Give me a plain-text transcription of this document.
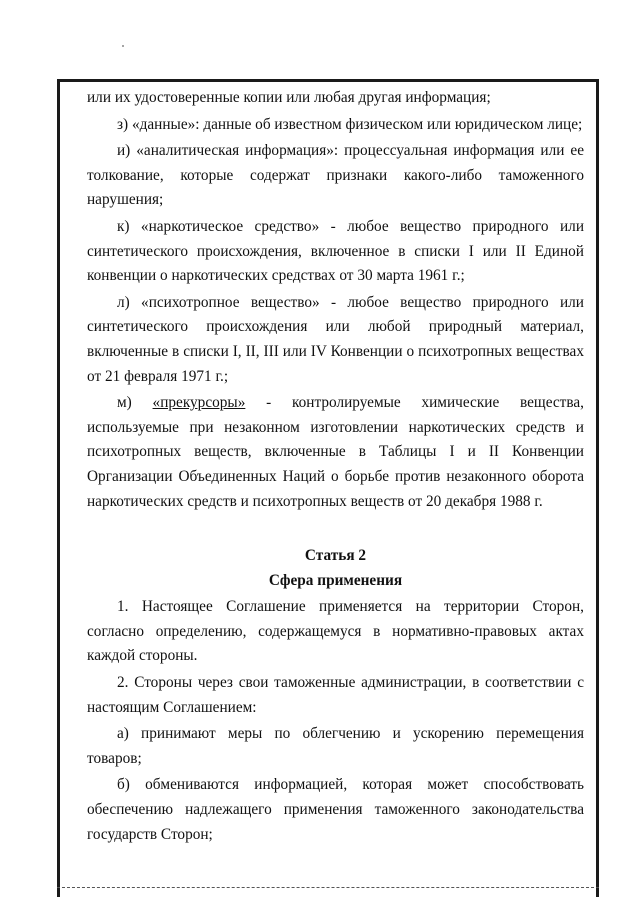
или их удостоверенные копии или любая другая информация;

з) «данные»: данные об известном физическом или юридическом лице;

и) «аналитическая информация»: процессуальная информация или ее толкование, которые содержат признаки какого-либо таможенного нарушения;

к) «наркотическое средство» - любое вещество природного или синтетического происхождения, включенное в списки I или II Единой конвенции о наркотических средствах от 30 марта 1961 г.;

л) «психотропное вещество» - любое вещество природного или синтетического происхождения или любой природный материал, включенные в списки I, II, III или IV Конвенции о психотропных веществах от 21 февраля 1971 г.;

м) «прекурсоры» - контролируемые химические вещества, используемые при незаконном изготовлении наркотических средств и психотропных веществ, включенные в Таблицы I и II Конвенции Организации Объединенных Наций о борьбе против незаконного оборота наркотических средств и психотропных веществ от 20 декабря 1988 г.

Статья 2

Сфера применения

1. Настоящее Соглашение применяется на территории Сторон, согласно определению, содержащемуся в нормативно-правовых актах каждой стороны.

2. Стороны через свои таможенные администрации, в соответствии с настоящим Соглашением:

а) принимают меры по облегчению и ускорению перемещения товаров;

б) обмениваются информацией, которая может способствовать обеспечению надлежащего применения таможенного законодательства государств Сторон;
